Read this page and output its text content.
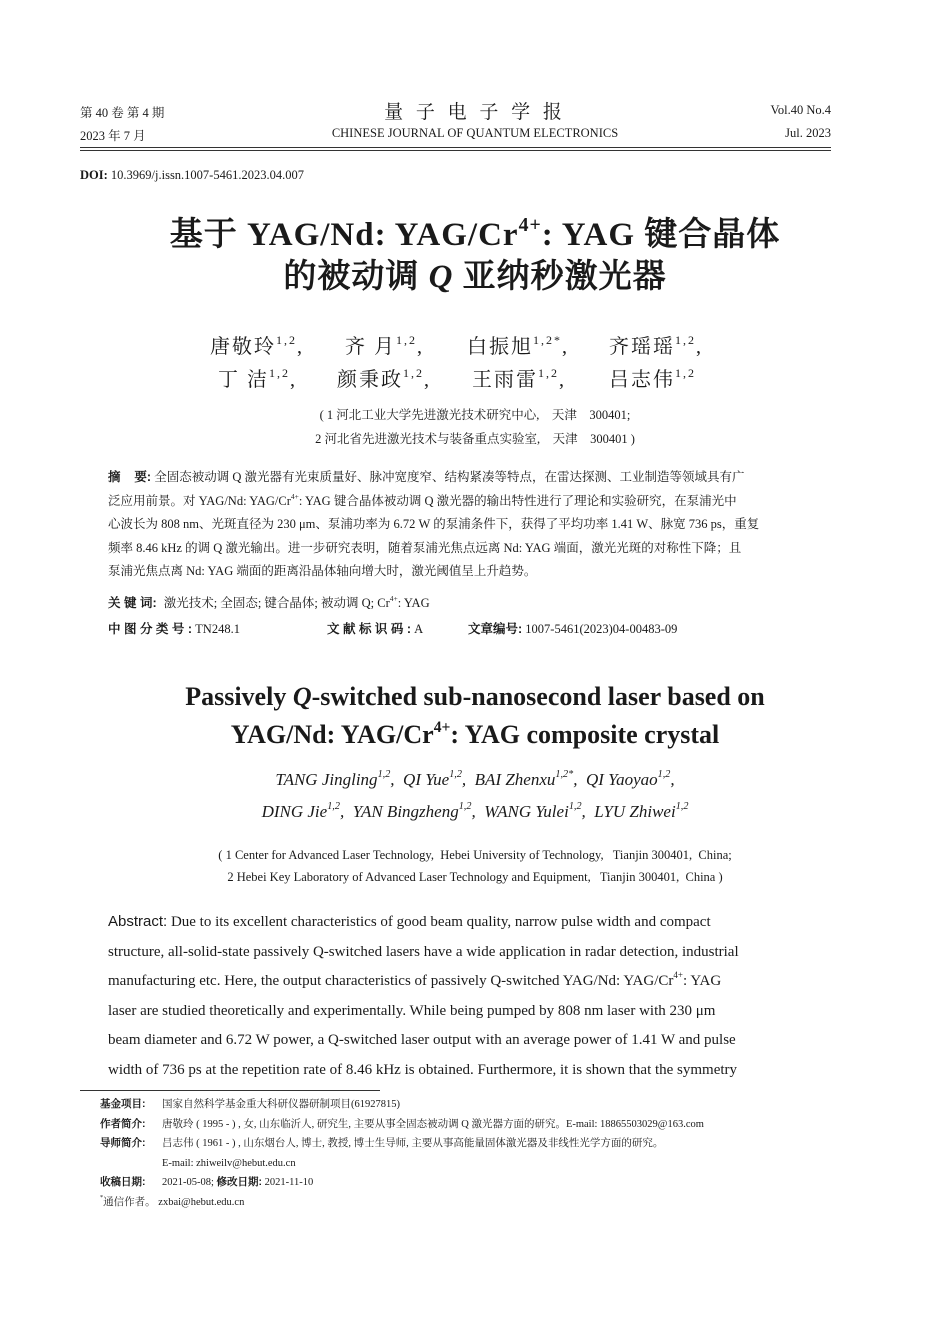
第 40 卷 第 4 期
2023 年 7 月
量 子 电 子 学 报
CHINESE JOURNAL OF QUANTUM ELECTRONICS
Vol.40 No.4
Jul. 2023
DOI: 10.3969/j.issn.1007-5461.2023.04.007
基于 YAG/Nd: YAG/$Cr^{4+}$: YAG 键合晶体
的被动调 Q 亚纳秒激光器
唐敬玲$^{1,2}$, 齐 月$^{1,2}$, 白振旭$^{1,2*}$, 齐瑶瑶$^{1,2}$,
丁 洁$^{1,2}$, 颜秉政$^{1,2}$, 王雨雷$^{1,2}$, 吕志伟$^{1,2}$
( 1 河北工业大学先进激光技术研究中心,    天津    300401;
2 河北省先进激光技术与装备重点实验室,    天津    300401 )
摘    要: 全固态被动调 Q 激光器有光束质量好、脉冲宽度窄、结构紧凑等特点，在雷达探测、工业制造等领域具有广
泛应用前景。对 YAG/Nd: YAG/$Cr^{4+}$: YAG 键合晶体被动调 Q 激光器的输出特性进行了理论和实验研究，在泵浦光中
心波长为 808 nm、光斑直径为 230 μm、泵浦功率为 6.72 W 的泵浦条件下，获得了平均功率 1.41 W、脉宽 736 ps，重复
频率 8.46 kHz 的调 Q 激光输出。进一步研究表明，随着泵浦光焦点远离 Nd: YAG 端面，激光光斑的对称性下降；且
泵浦光焦点离 Nd: YAG 端面的距离沿晶体轴向增大时，激光阈值呈上升趋势。
关 键 词: 激光技术; 全固态; 键合晶体; 被动调 Q; $Cr^{4+}$: YAG
中 图 分 类 号 : TN248.1	文 献 标 识 码 : A	文章编号: 1007-5461(2023)04-00483-09
Passively Q-switched sub-nanosecond laser based on
YAG/Nd: YAG/$Cr^{4+}$: YAG composite crystal
TANG Jingling$^{1,2}$,  QI Yue$^{1,2}$,  BAI Zhenxu$^{1,2*}$,  QI Yaoyao$^{1,2}$,
DING Jie$^{1,2}$,  YAN Bingzheng$^{1,2}$,  WANG Yulei$^{1,2}$,  LYU Zhiwei$^{1,2}$
( 1 Center for Advanced Laser Technology,  Hebei University of Technology,   Tianjin 300401,  China;
2 Hebei Key Laboratory of Advanced Laser Technology and Equipment,   Tianjin 300401,  China )
Abstract: Due to its excellent characteristics of good beam quality, narrow pulse width and compact
structure, all-solid-state passively Q-switched lasers have a wide application in radar detection, industrial
manufacturing etc. Here, the output characteristics of passively Q-switched YAG/Nd: YAG/$Cr^{4+}$: YAG
laser are studied theoretically and experimentally. While being pumped by 808 nm laser with 230 μm
beam diameter and 6.72 W power, a Q-switched laser output with an average power of 1.41 W and pulse
width of 736 ps at the repetition rate of 8.46 kHz is obtained. Furthermore, it is shown that the symmetry
基金项目: 国家自然科学基金重大科研仪器研制项目(61927815)
作者简介: 唐敬玲 ( 1995 - ) , 女, 山东临沂人, 研究生, 主要从事全固态被动调 Q 激光器方面的研究。E-mail: 18865503029@163.com
导师简介: 吕志伟 ( 1961 - ) , 山东烟台人, 博士, 教授, 博士生导师, 主要从事高能量固体激光器及非线性光学方面的研究。
E-mail: zhiweilv@hebut.edu.cn
收稿日期: 2021-05-08; 修改日期: 2021-11-10
*通信作者。 zxbai@hebut.edu.cn
